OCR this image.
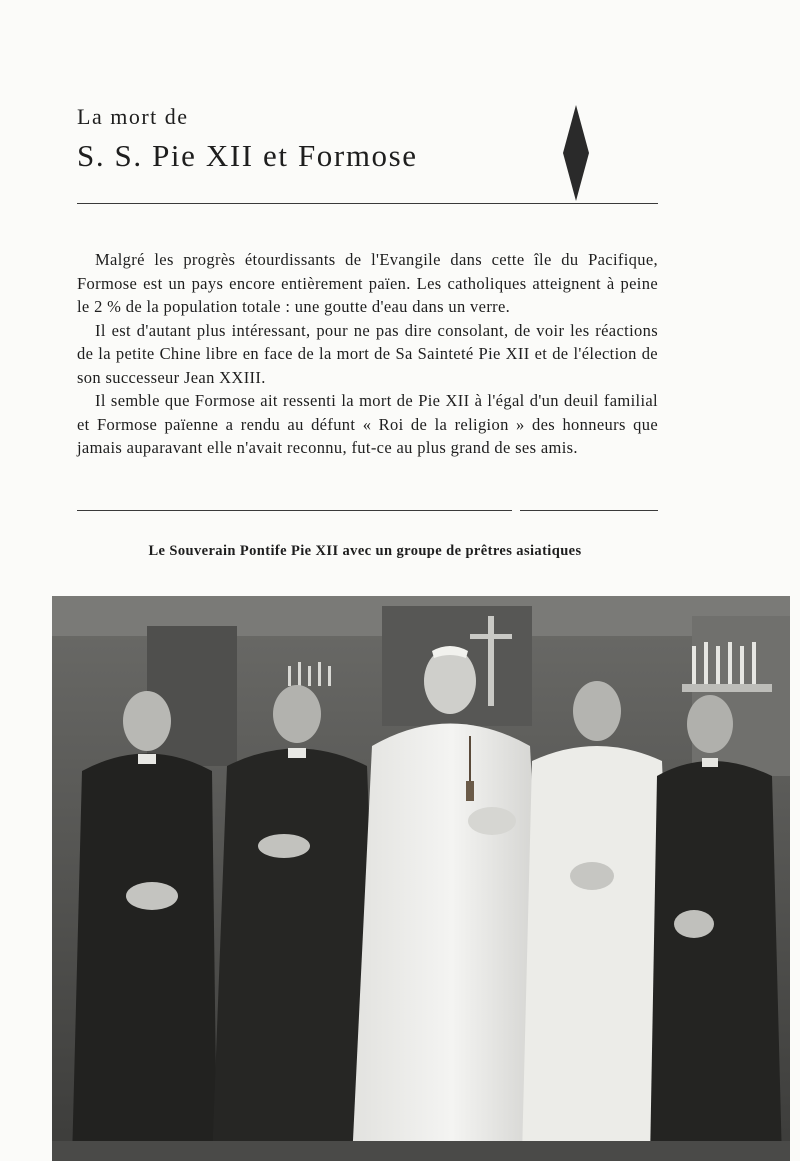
La mort de
S. S. Pie XII et Formose

Malgré les progrès étourdissants de l'Evangile dans cette île du Pacifique, Formose est un pays encore entièrement païen. Les catholiques atteignent à peine le 2 % de la population totale : une goutte d'eau dans un verre.

Il est d'autant plus intéressant, pour ne pas dire consolant, de voir les réactions de la petite Chine libre en face de la mort de Sa Sainteté Pie XII et de l'élection de son successeur Jean XXIII.

Il semble que Formose ait ressenti la mort de Pie XII à l'égal d'un deuil familial et Formose païenne a rendu au défunt « Roi de la religion » des honneurs que jamais auparavant elle n'avait reconnu, fut-ce au plus grand de ses amis.

Le Souverain Pontife Pie XII avec un groupe de prêtres asiatiques
